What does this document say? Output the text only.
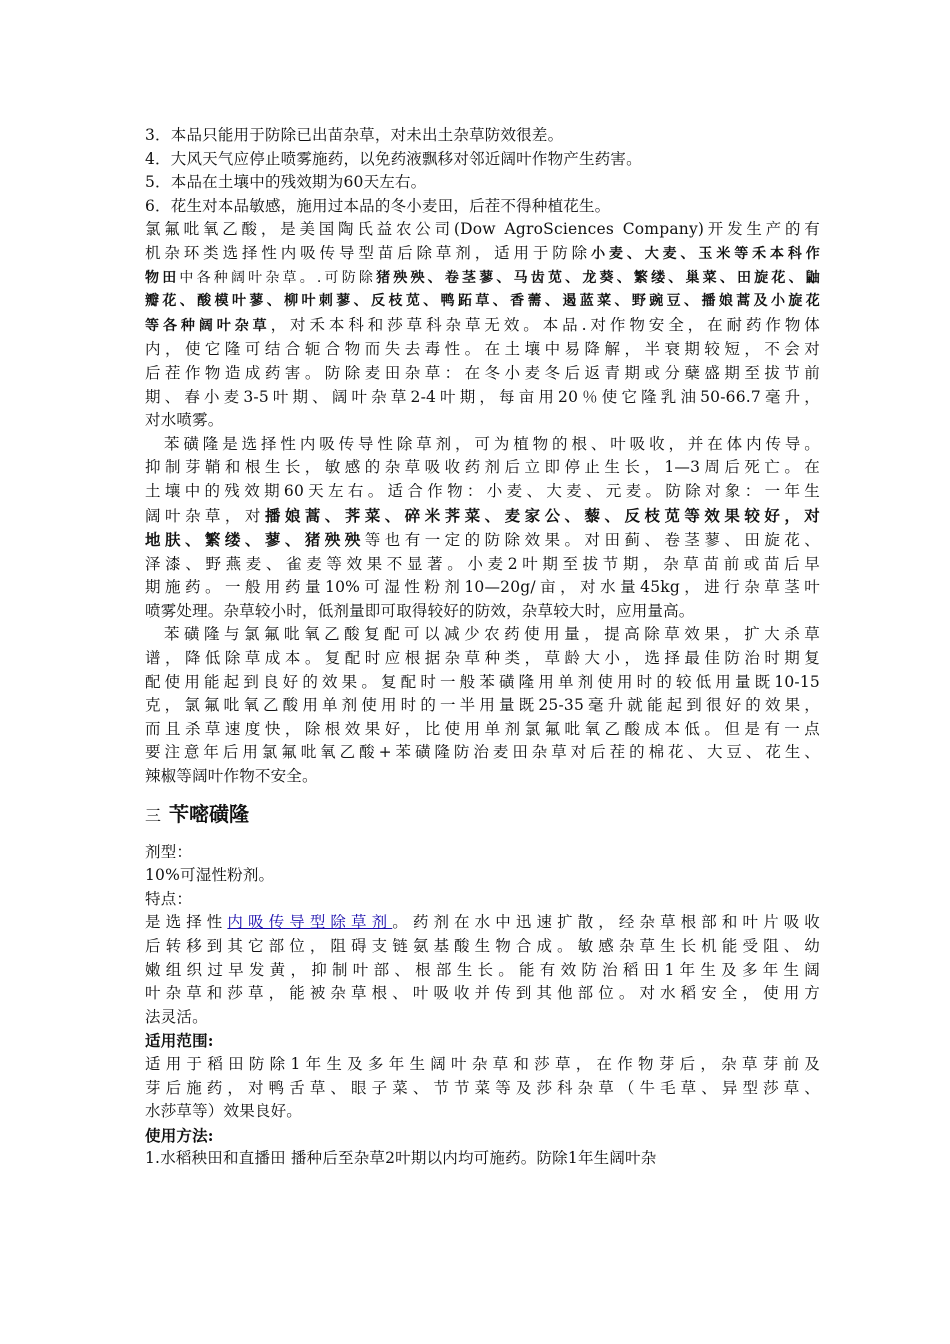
3．本品只能用于防除已出苗杂草，对未出土杂草防效很差。
4．大风天气应停止喷雾施药，以免药液飘移对邻近阔叶作物产生药害。
5．本品在土壤中的残效期为60天左右。
6．花生对本品敏感，施用过本品的冬小麦田，后茬不得种植花生。
氯氟吡氧乙酸，是美国陶氏益农公司(Dow AgroSciences Company)开发生产的有
机杂环类选择性内吸传导型苗后除草剂，适用于防除小麦、大麦、玉米等禾本科作
物田中各种阔叶杂草。.可防除猪殃殃、卷茎蓼、马齿苋、龙葵、繁缕、巢菜、田旋花、鼬
瓣花、酸模叶蓼、柳叶刺蓼、反枝苋、鸭跖草、香薷、遏蓝菜、野豌豆、播娘蒿及小旋花
等各种阔叶杂草，对禾本科和莎草科杂草无效。本品.对作物安全，在耐药作物体
内，使它隆可结合轭合物而失去毒性。在土壤中易降解，半衰期较短，不会对
后茬作物造成药害。防除麦田杂草：在冬小麦冬后返青期或分蘖盛期至拔节前
期、春小麦3-5叶期、阔叶杂草2-4叶期，每亩用20％使它隆乳油50-66.7毫升，
对水喷雾。
苯磺隆是选择性内吸传导性除草剂，可为植物的根、叶吸收，并在体内传导。
抑制芽鞘和根生长，敏感的杂草吸收药剂后立即停止生长，1—3周后死亡。在
土壤中的残效期60天左右。适合作物：小麦、大麦、元麦。防除对象：一年生
阔叶杂草，对播娘蒿、荠菜、碎米荠菜、麦家公、藜、反枝苋等效果较好，对
地肤、繁缕、蓼、猪殃殃等也有一定的防除效果。对田蓟、卷茎蓼、田旋花、
泽漆、野燕麦、雀麦等效果不显著。小麦2叶期至拔节期，杂草苗前或苗后早
期施药。一般用药量10%可湿性粉剂10—20g/亩，对水量45kg，进行杂草茎叶
喷雾处理。杂草较小时，低剂量即可取得较好的防效，杂草较大时，应用量高。
苯磺隆与氯氟吡氧乙酸复配可以减少农药使用量，提高除草效果，扩大杀草
谱，降低除草成本。复配时应根据杂草种类，草龄大小，选择最佳防治时期复
配使用能起到良好的效果。复配时一般苯磺隆用单剂使用时的较低用量既10-15
克，氯氟吡氧乙酸用单剂使用时的一半用量既25-35毫升就能起到很好的效果，
而且杀草速度快，除根效果好，比使用单剂氯氟吡氧乙酸成本低。但是有一点
要注意年后用氯氟吡氧乙酸+苯磺隆防治麦田杂草对后茬的棉花、大豆、花生、
辣椒等阔叶作物不安全。
三 苄嘧磺隆
剂型：
10%可湿性粉剂。
特点：
是选择性内吸传导型除草剂。药剂在水中迅速扩散，经杂草根部和叶片吸收
后转移到其它部位，阻碍支链氨基酸生物合成。敏感杂草生长机能受阻、幼
嫩组织过早发黄，抑制叶部、根部生长。能有效防治稻田1年生及多年生阔
叶杂草和莎草，能被杂草根、叶吸收并传到其他部位。对水稻安全，使用方
法灵活。
适用范围:
适用于稻田防除1年生及多年生阔叶杂草和莎草，在作物芽后，杂草芽前及
芽后施药，对鸭舌草、眼子菜、节节菜等及莎科杂草（牛毛草、异型莎草、
水莎草等）效果良好。
使用方法:
1.水稻秧田和直播田 播种后至杂草2叶期以内均可施药。防除1年生阔叶杂
